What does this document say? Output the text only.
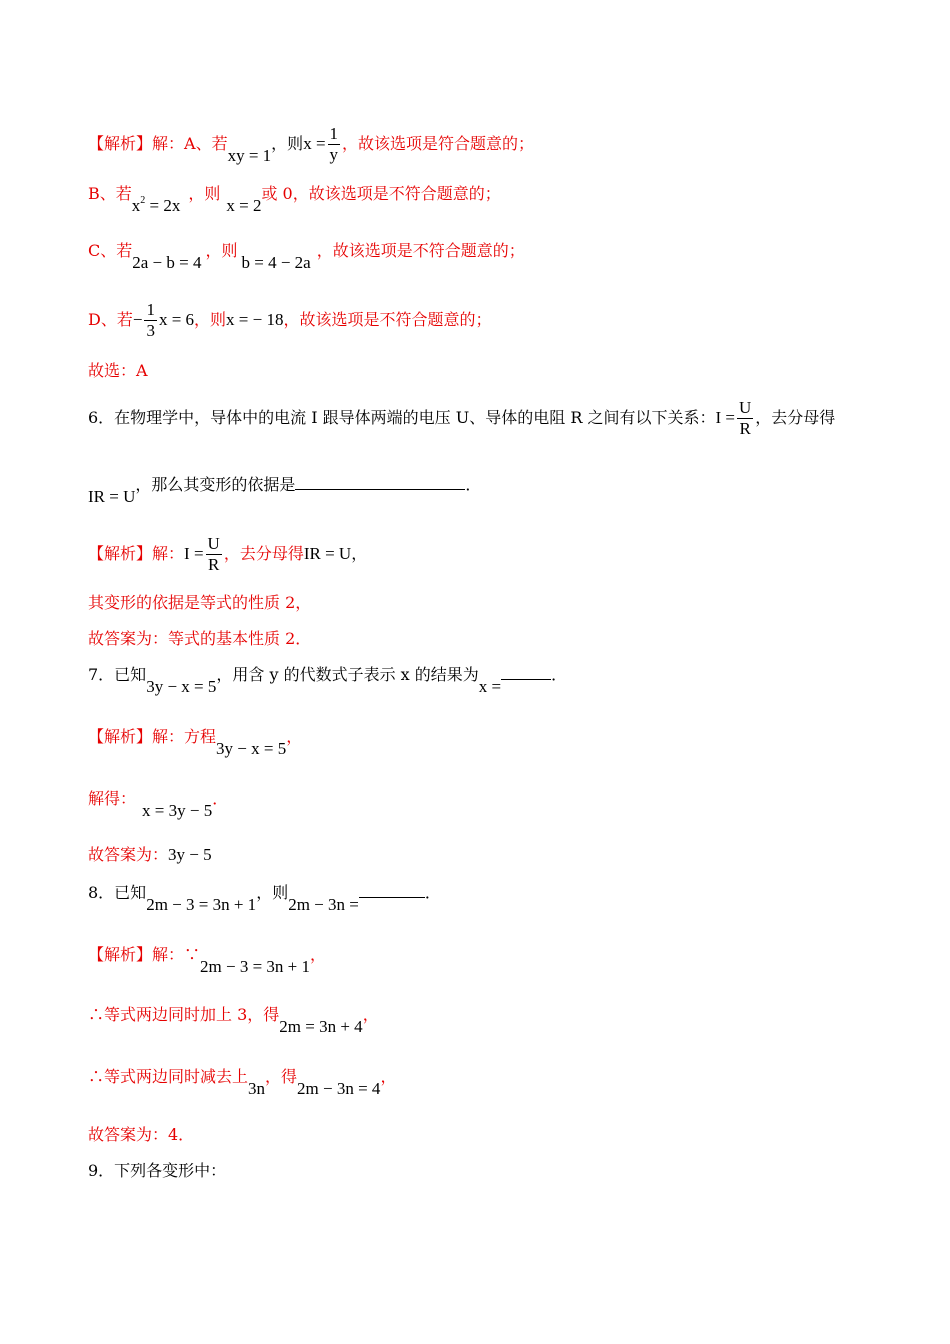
【解析】解：A、若xy = 1，则$x = \frac{1}{y}$ ，故该选项是符合题意的；
B、若$x^2 = 2x$，则x = 2或 0，故该选项是不符合题意的；
C、若2a − b = 4，则b = 4 − 2a，故该选项是不符合题意的；
D、若− $\frac{1}{3}$ x = 6，则x = − 18，故该选项是不符合题意的；
故选：A
6．在物理学中，导体中的电流 I 跟导体两端的电压 U、导体的电阻 R 之间有以下关系：$I = \frac{U}{R}$ ，去分母得
IR = U，那么其变形的依据是	．
【解析】解：$I = \frac{U}{R}$ ，去分母得IR = U，
其变形的依据是等式的性质 2，
故答案为：等式的基本性质 2．
7．已知3y − x = 5，用含 y 的代数式子表示 x 的结果为x =．
【解析】解：方程3y − x = 5，
解得：x = 3y − 5．
故答案为：3y − 5
8．已知2m − 3 = 3n + 1，则2m − 3n =．
【解析】解：∵2m − 3 = 3n + 1，
∴等式两边同时加上 3，得2m = 3n + 4，
∴等式两边同时减去上3n，得2m − 3n = 4，
故答案为：4．
9．下列各变形中：
